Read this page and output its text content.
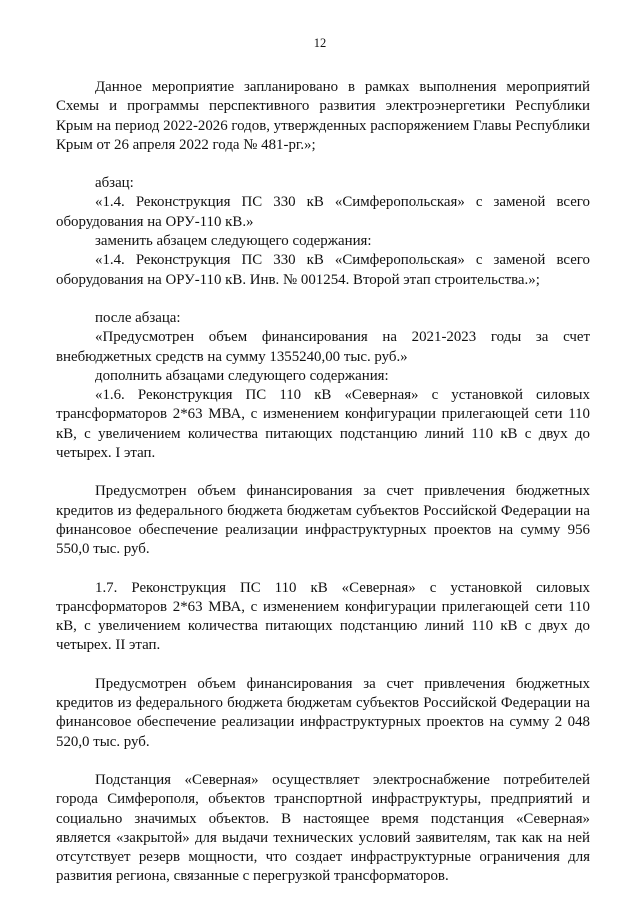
12

Данное мероприятие запланировано в рамках выполнения мероприятий Схемы и программы перспективного развития электроэнергетики Республики Крым на период 2022-2026 годов, утвержденных распоряжением Главы Республики Крым от 26 апреля 2022 года № 481-рг.»;

абзац:

«1.4. Реконструкция ПС 330 кВ «Симферопольская» с заменой всего оборудования на ОРУ-110 кВ.»

заменить абзацем следующего содержания:

«1.4. Реконструкция ПС 330 кВ «Симферопольская» с заменой всего оборудования на ОРУ-110 кВ. Инв. № 001254. Второй этап строительства.»;

после абзаца:

«Предусмотрен объем финансирования на 2021-2023 годы за счет внебюджетных средств на сумму 1355240,00 тыс. руб.»

дополнить абзацами следующего содержания:

«1.6. Реконструкция ПС 110 кВ «Северная» с установкой силовых трансформаторов 2*63 МВА, с изменением конфигурации прилегающей сети 110 кВ, с увеличением количества питающих подстанцию линий 110 кВ с двух до четырех. I этап.

Предусмотрен объем финансирования за счет привлечения бюджетных кредитов из федерального бюджета бюджетам субъектов Российской Федерации на финансовое обеспечение реализации инфраструктурных проектов на сумму 956 550,0 тыс. руб.

1.7. Реконструкция ПС 110 кВ «Северная» с установкой силовых трансформаторов 2*63 МВА, с изменением конфигурации прилегающей сети 110 кВ, с увеличением количества питающих подстанцию линий 110 кВ с двух до четырех. II этап.

Предусмотрен объем финансирования за счет привлечения бюджетных кредитов из федерального бюджета бюджетам субъектов Российской Федерации на финансовое обеспечение реализации инфраструктурных проектов на сумму 2 048 520,0 тыс. руб.

Подстанция «Северная» осуществляет электроснабжение потребителей города Симферополя, объектов транспортной инфраструктуры, предприятий и социально значимых объектов. В настоящее время подстанция «Северная» является «закрытой» для выдачи технических условий заявителям, так как на ней отсутствует резерв мощности, что создает инфраструктурные ограничения для развития региона, связанные с перегрузкой трансформаторов.
